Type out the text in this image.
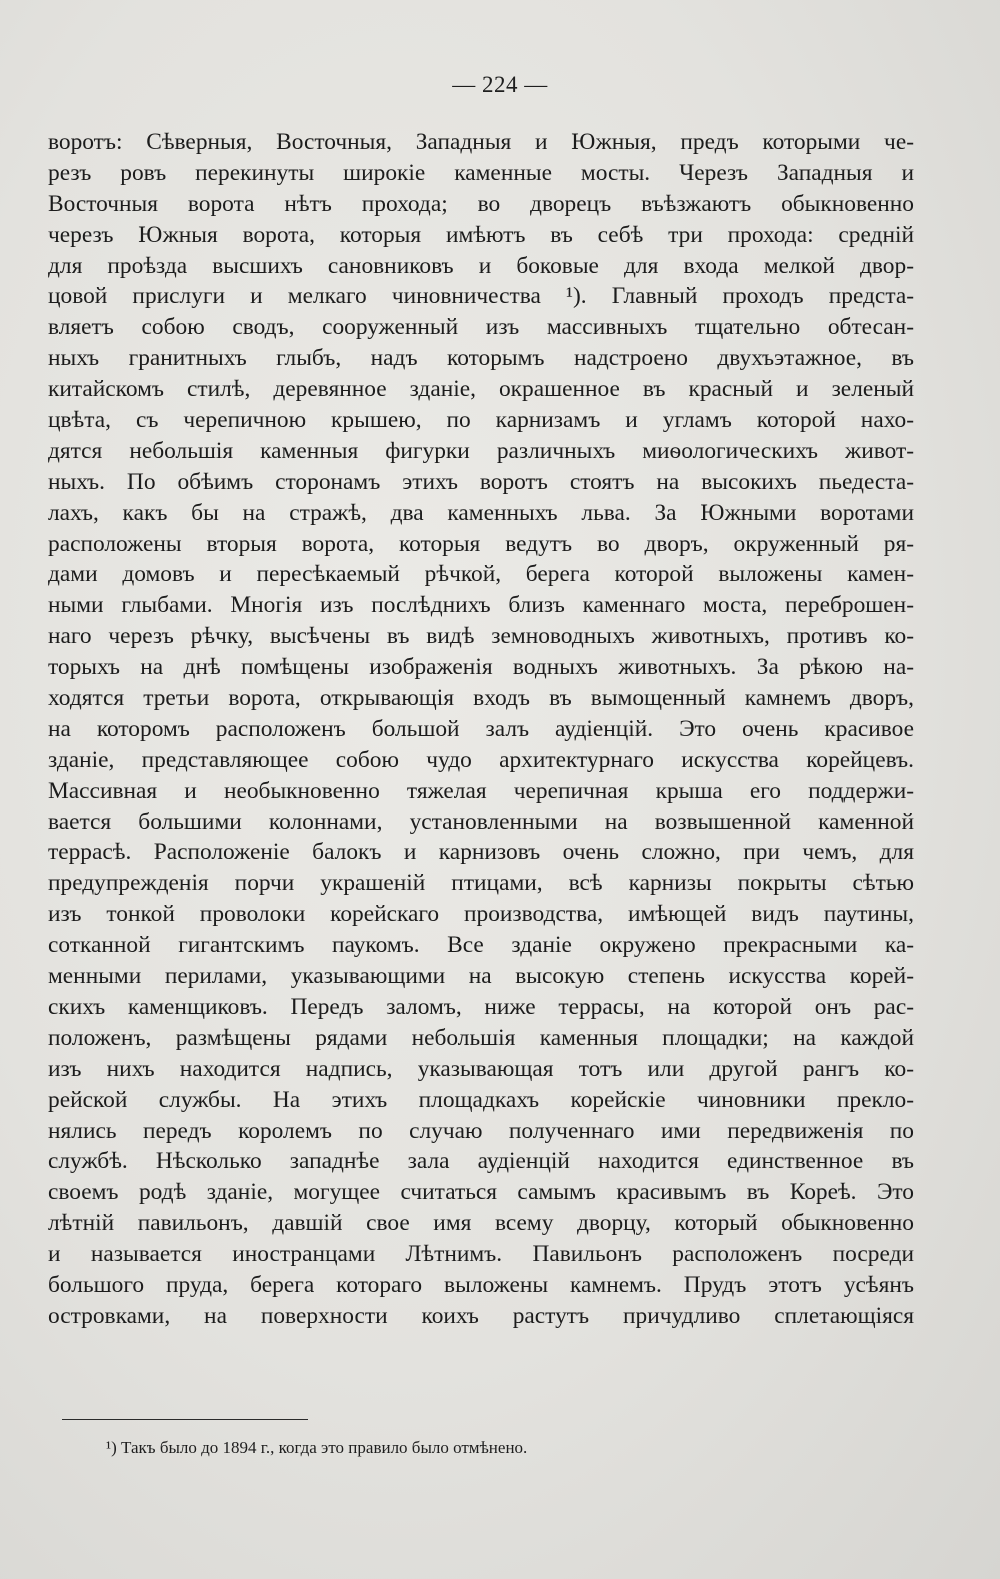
— 224 —
воротъ: Сѣверныя, Восточныя, Западныя и Южныя, предъ которыми че-
резъ ровъ перекинуты широкіе каменные мосты. Черезъ Западныя и
Восточныя ворота нѣтъ прохода; во дворецъ въѣзжаютъ обыкновенно
черезъ Южныя ворота, которыя имѣютъ въ себѣ три прохода: средній
для проѣзда высшихъ сановниковъ и боковые для входа мелкой двор-
цовой прислуги и мелкаго чиновничества ¹). Главный проходъ предста-
вляетъ собою сводъ, сооруженный изъ массивныхъ тщательно обтесан-
ныхъ гранитныхъ глыбъ, надъ которымъ надстроено двухъэтажное, въ
китайскомъ стилѣ, деревянное зданіе, окрашенное въ красный и зеленый
цвѣта, съ черепичною крышею, по карнизамъ и угламъ которой нахо-
дятся небольшія каменныя фигурки различныхъ миѳологическихъ живот-
ныхъ. По обѣимъ сторонамъ этихъ воротъ стоятъ на высокихъ пьедеста-
лахъ, какъ бы на стражѣ, два каменныхъ льва. За Южными воротами
расположены вторыя ворота, которыя ведутъ во дворъ, окруженный ря-
дами домовъ и пересѣкаемый рѣчкой, берега которой выложены камен-
ными глыбами. Многія изъ послѣднихъ близъ каменнаго моста, переброшен-
наго черезъ рѣчку, высѣчены въ видѣ земноводныхъ животныхъ, противъ ко-
торыхъ на днѣ помѣщены изображенія водныхъ животныхъ. За рѣкою на-
ходятся третьи ворота, открывающія входъ въ вымощенный камнемъ дворъ,
на которомъ расположенъ большой залъ аудіенцій. Это очень красивое
зданіе, представляющее собою чудо архитектурнаго искусства корейцевъ.
Массивная и необыкновенно тяжелая черепичная крыша его поддержи-
вается большими колоннами, установленными на возвышенной каменной
террасѣ. Расположеніе балокъ и карнизовъ очень сложно, при чемъ, для
предупрежденія порчи украшеній птицами, всѣ карнизы покрыты сѣтью
изъ тонкой проволоки корейскаго производства, имѣющей видъ паутины,
сотканной гигантскимъ паукомъ. Все зданіе окружено прекрасными ка-
менными перилами, указывающими на высокую степень искусства корей-
скихъ каменщиковъ. Передъ заломъ, ниже террасы, на которой онъ рас-
положенъ, размѣщены рядами небольшія каменныя площадки; на каждой
изъ нихъ находится надпись, указывающая тотъ или другой рангъ ко-
рейской службы. На этихъ площадкахъ корейскіе чиновники прекло-
нялись передъ королемъ по случаю полученнаго ими передвиженія по
службѣ. Нѣсколько западнѣе зала аудіенцій находится единственное въ
своемъ родѣ зданіе, могущее считаться самымъ красивымъ въ Кореѣ. Это
лѣтній павильонъ, давшій свое имя всему дворцу, который обыкновенно
и называется иностранцами Лѣтнимъ. Павильонъ расположенъ посреди
большого пруда, берега котораго выложены камнемъ. Прудъ этотъ усѣянъ
островками, на поверхности коихъ растутъ причудливо сплетающіяся

¹) Такъ было до 1894 г., когда это правило было отмѣнено.
